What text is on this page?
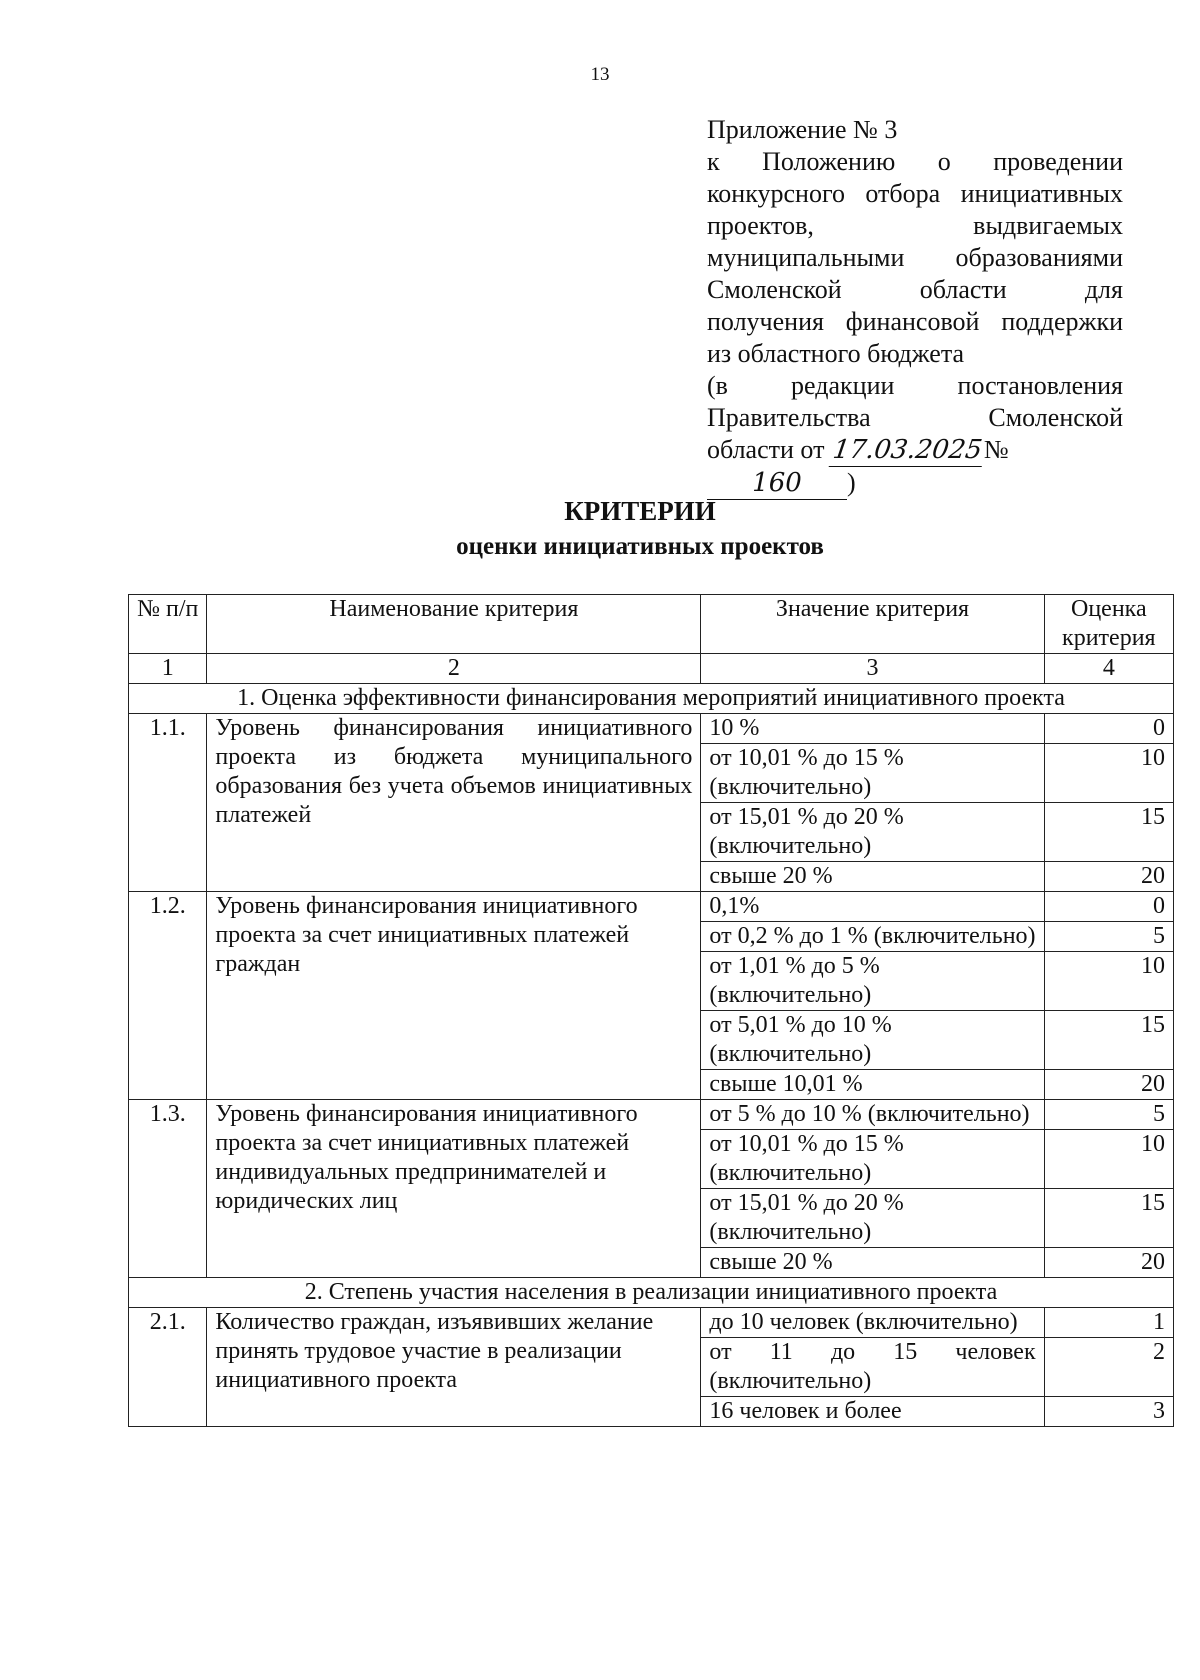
13
Приложение № 3
к Положению о проведении
конкурсного отбора инициативных
проектов, выдвигаемых
муниципальными образованиями
Смоленской области для
получения финансовой поддержки
из областного бюджета
(в редакции постановления
Правительства Смоленской
области от 17.03.2025№ 160 )
КРИТЕРИИ
оценки инициативных проектов
№ п/п	Наименование критерия	Значение критерия	Оценка критерия
1	2	3	4
1. Оценка эффективности финансирования мероприятий инициативного проекта			
1.1.	Уровень финансирования инициативного проекта из бюджета муниципального образования без учета объемов инициативных платежей	10 %	0
		от 10,01 % до 15 % (включительно)	10
		от 15,01 % до 20 % (включительно)	15
		свыше 20 %	20
1.2.	Уровень финансирования инициативного проекта за счет инициативных платежей граждан	0,1%	0
		от 0,2 % до 1 % (включительно)	5
		от 1,01 % до 5 % (включительно)	10
		от 5,01 % до 10 % (включительно)	15
		свыше 10,01 %	20
1.3.	Уровень финансирования инициативного проекта за счет инициативных платежей индивидуальных предпринимателей и юридических лиц	от 5 % до 10 % (включительно)	5
		от 10,01 % до 15 % (включительно)	10
		от 15,01 % до 20 % (включительно)	15
		свыше 20 %	20
2. Степень участия населения в реализации инициативного проекта			
2.1.	Количество граждан, изъявивших желание принять трудовое участие в реализации инициативного проекта	до 10 человек (включительно)	1
		от 11 до 15 человек (включительно)	2
		16 человек и более	3
